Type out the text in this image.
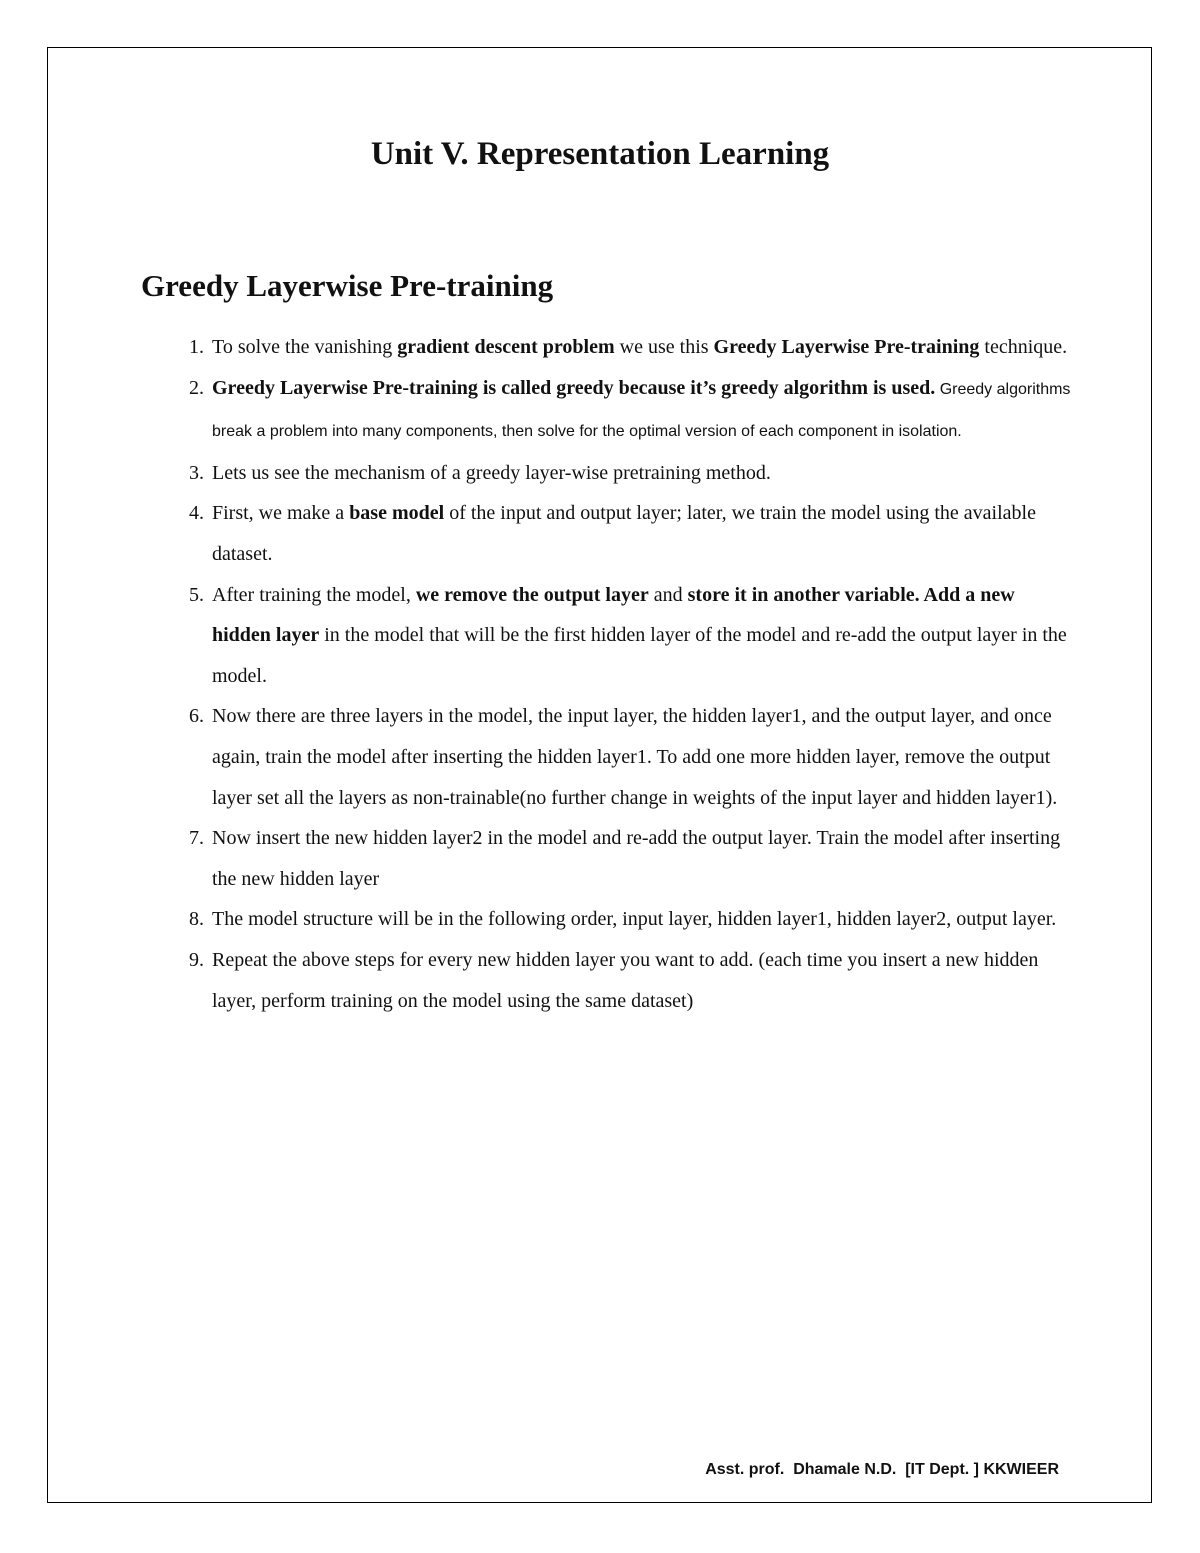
Unit V. Representation Learning
Greedy Layerwise Pre-training
1. To solve the vanishing gradient descent problem we use this Greedy Layerwise Pre-training technique.
2. Greedy Layerwise Pre-training is called greedy because it’s greedy algorithm is used. Greedy algorithms break a problem into many components, then solve for the optimal version of each component in isolation.
3. Lets us see the mechanism of a greedy layer-wise pretraining method.
4. First, we make a base model of the input and output layer; later, we train the model using the available dataset.
5. After training the model, we remove the output layer and store it in another variable. Add a new hidden layer in the model that will be the first hidden layer of the model and re-add the output layer in the model.
6. Now there are three layers in the model, the input layer, the hidden layer1, and the output layer, and once again, train the model after inserting the hidden layer1. To add one more hidden layer, remove the output layer set all the layers as non-trainable(no further change in weights of the input layer and hidden layer1).
7. Now insert the new hidden layer2 in the model and re-add the output layer. Train the model after inserting the new hidden layer
8. The model structure will be in the following order, input layer, hidden layer1, hidden layer2, output layer.
9. Repeat the above steps for every new hidden layer you want to add. (each time you insert a new hidden layer, perform training on the model using the same dataset)
Asst. prof.  Dhamale N.D.  [IT Dept. ] KKWIEER
